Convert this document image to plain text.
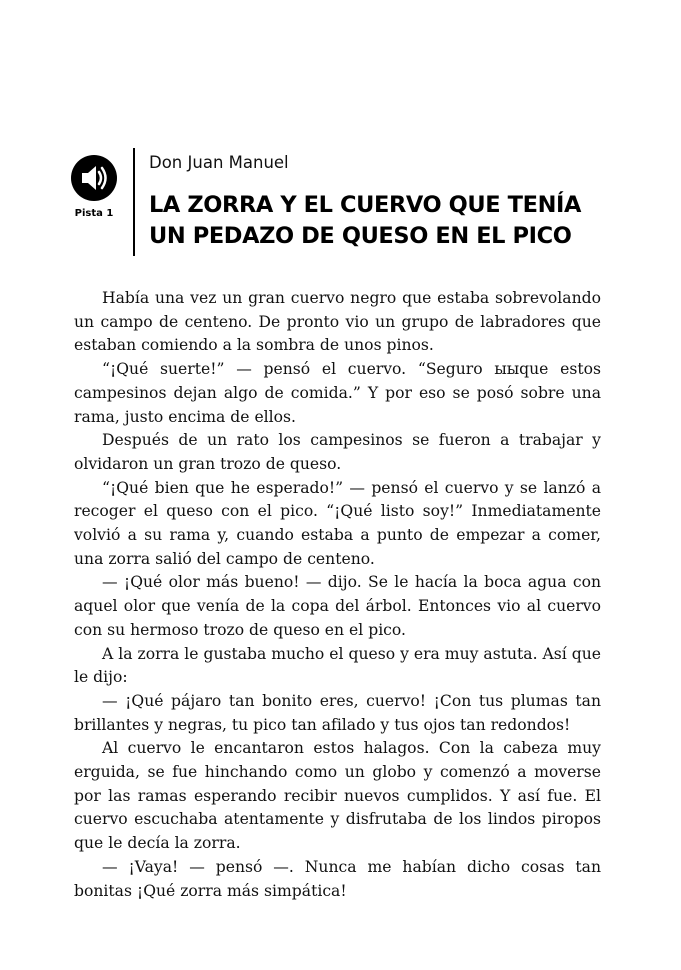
Pista 1
Don Juan Manuel
LA ZORRA Y EL CUERVO QUE TENÍA
UN PEDAZO DE QUESO EN EL PICO

Había una vez un gran cuervo negro que estaba sobrevolando un campo de centeno. De pronto vio un grupo de labradores que estaban comiendo a la sombra de unos pinos.

“¡Qué suerte!” — pensó el cuervo. “Seguro ыыque estos campesinos dejan algo de comida.” Y por eso se posó sobre una rama, justo encima de ellos.

Después de un rato los campesinos se fueron a trabajar y olvidaron un gran trozo de queso.

“¡Qué bien que he esperado!” — pensó el cuervo y se lanzó a recoger el queso con el pico. “¡Qué listo soy!” Inmediatamente volvió a su rama y, cuando estaba a punto de empezar a comer, una zorra salió del campo de centeno.

— ¡Qué olor más bueno! — dijo. Se le hacía la boca agua con aquel olor que venía de la copa del árbol. Entonces vio al cuervo con su hermoso trozo de queso en el pico.

A la zorra le gustaba mucho el queso y era muy astuta. Así que le dijo:

— ¡Qué pájaro tan bonito eres, cuervo! ¡Con tus plumas tan brillantes y negras, tu pico tan afilado y tus ojos tan redondos!

Al cuervo le encantaron estos halagos. Con la cabeza muy erguida, se fue hinchando como un globo y comenzó a moverse por las ramas esperando recibir nuevos cumplidos. Y así fue. El cuervo escuchaba atentamente y disfrutaba de los lindos piropos que le decía la zorra.

— ¡Vaya! — pensó —. Nunca me habían dicho cosas tan bonitas ¡Qué zorra más simpática!
